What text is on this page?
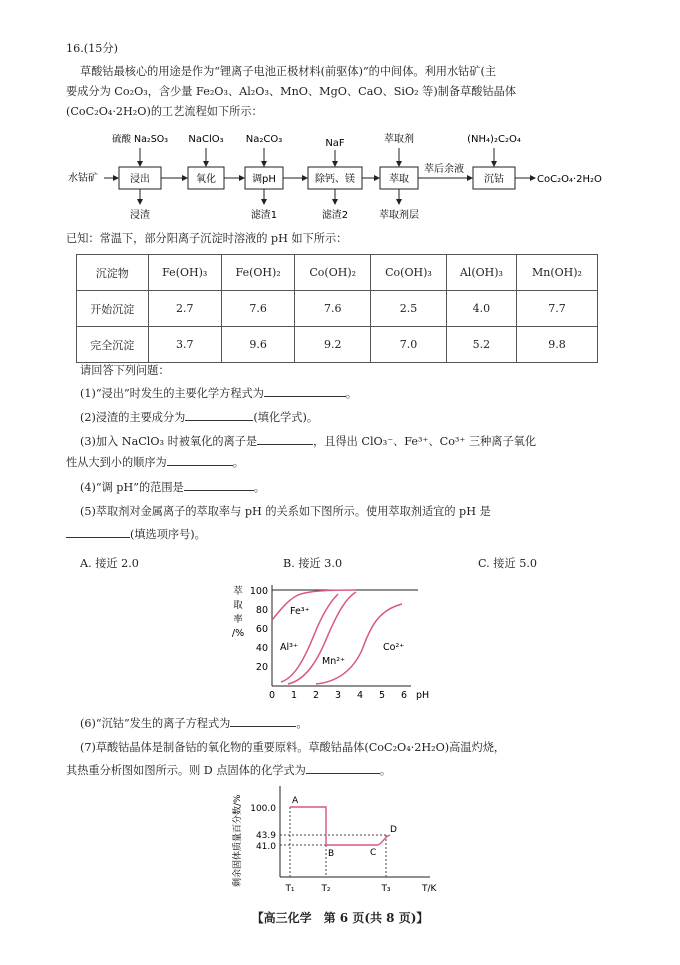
16.(15分)
草酸钴最核心的用途是作为“锂离子电池正极材料(前驱体)”的中间体。利用水钴矿(主
要成分为 Co₂O₃，含少量 Fe₂O₃、Al₂O₃、MnO、MgO、CaO、SiO₂ 等)制备草酸钴晶体
(CoC₂O₄·2H₂O)的工艺流程如下所示：
水钴矿	浸出	氧化	调pH	除钙、镁	萃取
萃后余液
沉钴	CoC₂O₄·2H₂O
硫酸 Na₂SO₃ NaClO₃ Na₂CO₃	NaF	萃取剂	(NH₄)₂C₂O₄
浸渣	滤渣1	滤渣2	萃取剂层
已知：常温下，部分阳离子沉淀时溶液的 pH 如下所示：
沉淀物	Fe(OH)₃	Fe(OH)₂	Co(OH)₂	Co(OH)₃	Al(OH)₃	Mn(OH)₂
开始沉淀	2.7	7.6	7.6	2.5	4.0	7.7
完全沉淀	3.7	9.6	9.2	7.0	5.2	9.8
请回答下列问题：
(1)“浸出”时发生的主要化学方程式为	。
(2)浸渣的主要成分为	(填化学式)。
(3)加入 NaClO₃ 时被氧化的离子是	，且得出 ClO₃⁻、Fe³⁺、Co³⁺ 三种离子氧化
性从大到小的顺序为	。
(4)“调 pH”的范围是	。
(5)萃取剂对金属离子的萃取率与 pH 的关系如下图所示。使用萃取剂适宜的 pH 是
(填选项序号)。
A. 接近 2.0	B. 接近 3.0	C. 接近 5.0
萃
取
率
/%
100
80
60
40
20
0 1 2 3 4 5 6 pH
Fe³⁺
Al³⁺
Mn²⁺
Co²⁺
(6)“沉钴”发生的离子方程式为	。
(7)草酸钴晶体是制备钴的氧化物的重要原料。草酸钴晶体(CoC₂O₄·2H₂O)高温灼烧，
其热重分析图如图所示。则 D 点固体的化学式为	。
剩余固体质量百分数/% 100.0
43.9
41.0
T₁	T₂	T₃	T/K
A
B	C
D
【高三化学　第 6 页(共 8 页)】
